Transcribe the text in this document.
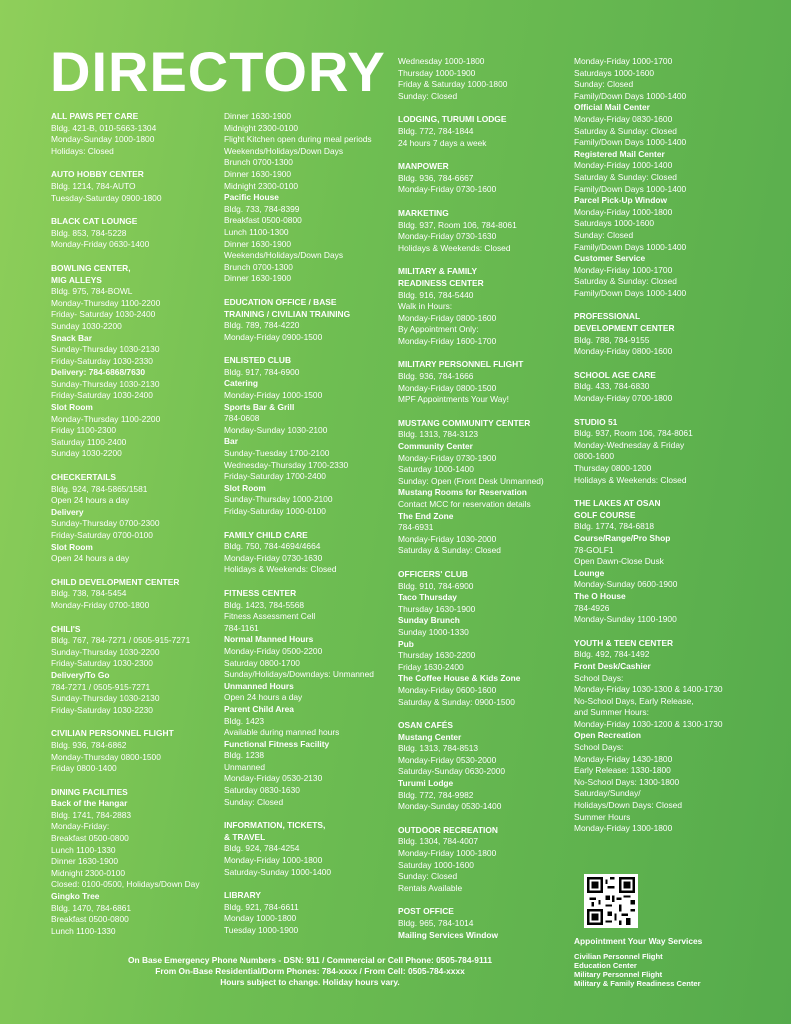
DIRECTORY
ALL PAWS PET CARE
Bldg. 421-B, 010-5663-1304
Monday-Sunday 1000-1800
Holidays: Closed
AUTO HOBBY CENTER
Bldg. 1214, 784-AUTO
Tuesday-Saturday 0900-1800
BLACK CAT LOUNGE
Bldg. 853, 784-5228
Monday-Friday 0630-1400
BOWLING CENTER,
MIG ALLEYS
Bldg. 975, 784-BOWL
Monday-Thursday 1100-2200
Friday- Saturday 1030-2400
Sunday 1030-2200
Snack Bar
Sunday-Thursday 1030-2130
Friday-Saturday 1030-2330
Delivery: 784-6868/7630
Sunday-Thursday 1030-2130
Friday-Saturday 1030-2400
Slot Room
Monday-Thursday 1100-2200
Friday 1100-2300
Saturday 1100-2400
Sunday 1030-2200
CHECKERTAILS
Bldg. 924, 784-5865/1581
Open 24 hours a day
Delivery
Sunday-Thursday 0700-2300
Friday-Saturday 0700-0100
Slot Room
Open 24 hours a day
CHILD DEVELOPMENT CENTER
Bldg. 738, 784-5454
Monday-Friday 0700-1800
CHILI'S
Bldg. 767, 784-7271 / 0505-915-7271
Sunday-Thursday 1030-2200
Friday-Saturday 1030-2300
Delivery/To Go
784-7271 / 0505-915-7271
Sunday-Thursday 1030-2130
Friday-Saturday 1030-2230
CIVILIAN PERSONNEL FLIGHT
Bldg. 936, 784-6862
Monday-Thursday 0800-1500
Friday 0800-1400
DINING FACILITIES
Back of the Hangar
Bldg. 1741, 784-2883
Monday-Friday:
Breakfast 0500-0800
Lunch 1100-1330
Dinner 1630-1900
Midnight 2300-0100
Closed: 0100-0500, Holidays/Down Day
Gingko Tree
Bldg. 1470, 784-6861
Breakfast 0500-0800
Lunch 1100-1330
Dinner 1630-1900
Midnight 2300-0100
Flight Kitchen open during meal periods
Weekends/Holidays/Down Days
Brunch 0700-1300
Dinner 1630-1900
Midnight 2300-0100
Pacific House
Bldg. 733, 784-8399
Breakfast 0500-0800
Lunch 1100-1300
Dinner 1630-1900
Weekends/Holidays/Down Days
Brunch 0700-1300
Dinner 1630-1900
EDUCATION OFFICE / BASE
TRAINING / CIVILIAN TRAINING
Bldg. 789, 784-4220
Monday-Friday 0900-1500
ENLISTED CLUB
Bldg. 917, 784-6900
Catering
Monday-Friday 1000-1500
Sports Bar & Grill
784-0608
Monday-Sunday 1030-2100
Bar
Sunday-Tuesday 1700-2100
Wednesday-Thursday 1700-2330
Friday-Saturday 1700-2400
Slot Room
Sunday-Thursday 1000-2100
Friday-Saturday 1000-0100
FAMILY CHILD CARE
Bldg. 750, 784-4694/4664
Monday-Friday 0730-1630
Holidays & Weekends: Closed
FITNESS CENTER
Bldg. 1423, 784-5568
Fitness Assessment Cell
784-1161
Normal Manned Hours
Monday-Friday 0500-2200
Saturday 0800-1700
Sunday/Holidays/Downdays: Unmanned
Unmanned Hours
Open 24 hours a day
Parent Child Area
Bldg. 1423
Available during manned hours
Functional Fitness Facility
Bldg. 1238
Unmanned
Monday-Friday 0530-2130
Saturday 0830-1630
Sunday: Closed
INFORMATION, TICKETS,
& TRAVEL
Bldg. 924, 784-4254
Monday-Friday 1000-1800
Saturday-Sunday 1000-1400
LIBRARY
Bldg. 921, 784-6611
Monday 1000-1800
Tuesday 1000-1900
Wednesday 1000-1800
Thursday 1000-1900
Friday & Saturday 1000-1800
Sunday: Closed
LODGING, TURUMI LODGE
Bldg. 772, 784-1844
24 hours 7 days a week
MANPOWER
Bldg. 936, 784-6667
Monday-Friday 0730-1600
MARKETING
Bldg. 937, Room 106, 784-8061
Monday-Friday 0730-1630
Holidays & Weekends: Closed
MILITARY & FAMILY
READINESS CENTER
Bldg. 916, 784-5440
Walk in Hours:
Monday-Friday 0800-1600
By Appointment Only:
Monday-Friday 1600-1700
MILITARY PERSONNEL FLIGHT
Bldg. 936, 784-1666
Monday-Friday 0800-1500
MPF Appointments Your Way!
MUSTANG COMMUNITY CENTER
Bldg. 1313, 784-3123
Community Center
Monday-Friday 0730-1900
Saturday 1000-1400
Sunday: Open (Front Desk Unmanned)
Mustang Rooms for Reservation
Contact MCC for reservation details
The End Zone
784-6931
Monday-Friday 1030-2000
Saturday & Sunday: Closed
OFFICERS' CLUB
Bldg. 910, 784-6900
Taco Thursday
Thursday 1630-1900
Sunday Brunch
Sunday 1000-1330
Pub
Thursday 1630-2200
Friday 1630-2400
The Coffee House & Kids Zone
Monday-Friday 0600-1600
Saturday & Sunday: 0900-1500
OSAN CAFÉS
Mustang Center
Bldg. 1313, 784-8513
Monday-Friday 0530-2000
Saturday-Sunday 0630-2000
Turumi Lodge
Bldg. 772, 784-9982
Monday-Sunday 0530-1400
OUTDOOR RECREATION
Bldg. 1304, 784-4007
Monday-Friday 1000-1800
Saturday 1000-1600
Sunday: Closed
Rentals Available
POST OFFICE
Bldg. 965, 784-1014
Mailing Services Window
Monday-Friday 1000-1700
Saturdays 1000-1600
Sunday: Closed
Family/Down Days 1000-1400
Official Mail Center
Monday-Friday 0830-1600
Saturday & Sunday: Closed
Family/Down Days 1000-1400
Registered Mail Center
Monday-Friday 1000-1400
Saturday & Sunday: Closed
Family/Down Days 1000-1400
Parcel Pick-Up Window
Monday-Friday 1000-1800
Saturdays 1000-1600
Sunday: Closed
Family/Down Days 1000-1400
Customer Service
Monday-Friday 1000-1700
Saturday & Sunday: Closed
Family/Down Days 1000-1400
PROFESSIONAL
DEVELOPMENT CENTER
Bldg. 788, 784-9155
Monday-Friday 0800-1600
SCHOOL AGE CARE
Bldg. 433, 784-6830
Monday-Friday 0700-1800
STUDIO 51
Bldg. 937, Room 106, 784-8061
Monday-Wednesday & Friday
0800-1600
Thursday 0800-1200
Holidays & Weekends: Closed
THE LAKES AT OSAN
GOLF COURSE
Bldg. 1774, 784-6818
Course/Range/Pro Shop
78-GOLF1
Open Dawn-Close Dusk
Lounge
Monday-Sunday 0600-1900
The O House
784-4926
Monday-Sunday 1100-1900
YOUTH & TEEN CENTER
Bldg. 492, 784-1492
Front Desk/Cashier
School Days:
Monday-Friday 1030-1300 & 1400-1730
No-School Days, Early Release,
and Summer Hours:
Monday-Friday 1030-1200 & 1300-1730
Open Recreation
School Days:
Monday-Friday 1430-1800
Early Release: 1330-1800
No-School Days: 1300-1800
Saturday/Sunday/
Holidays/Down Days: Closed
Summer Hours
Monday-Friday 1300-1800
Appointment Your Way Services
Civilian Personnel Flight
Education Center
Military Personnel Flight
Military & Family Readiness Center
On Base Emergency Phone Numbers - DSN: 911 / Commercial or Cell Phone: 0505-784-9111
From On-Base Residential/Dorm Phones: 784-xxxx / From Cell: 0505-784-xxxx
Hours subject to change. Holiday hours vary.
